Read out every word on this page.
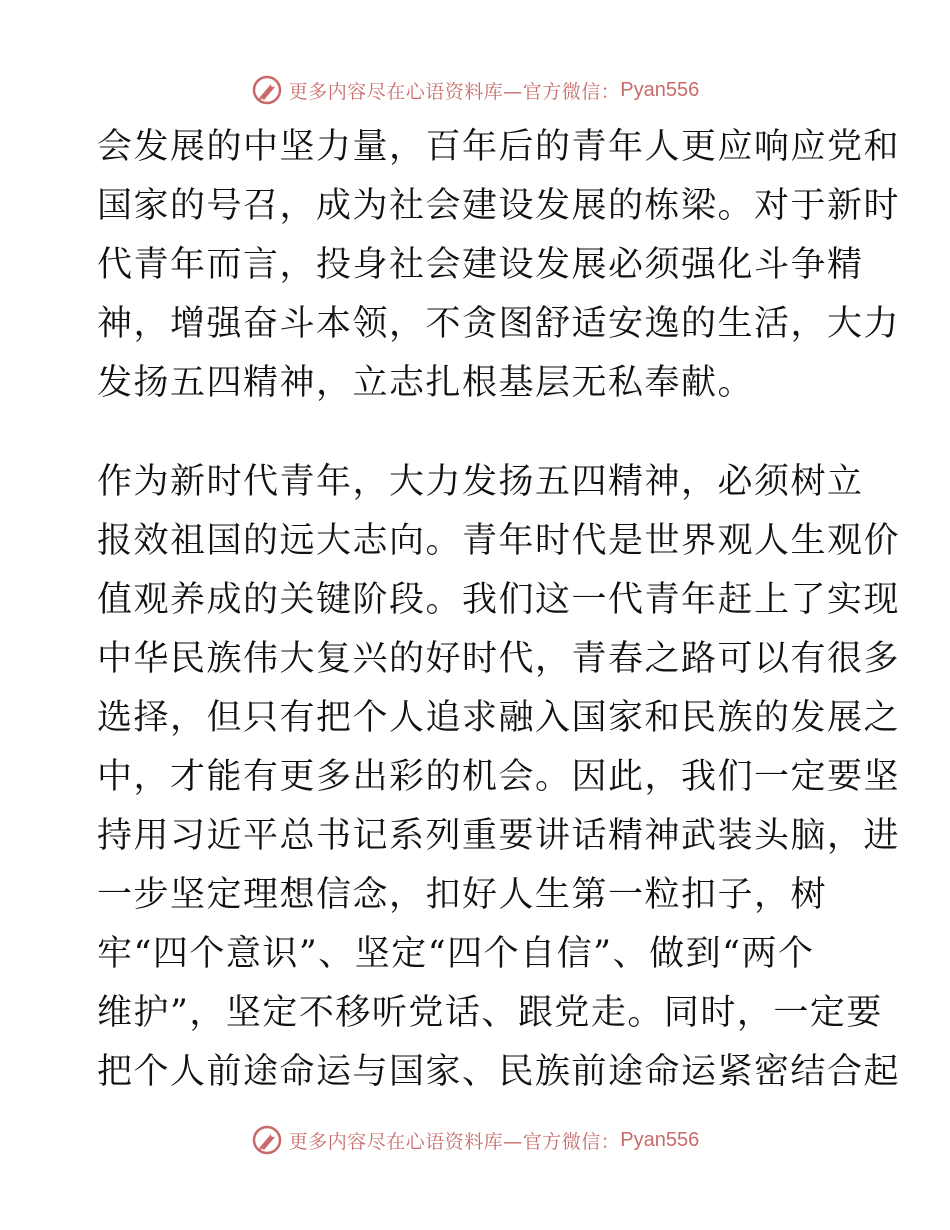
更多内容尽在心语资料库—官方微信： Pyan556
会发展的中坚力量，百年后的青年人更应响应党和
国家的号召，成为社会建设发展的栋梁。对于新时
代青年而言，投身社会建设发展必须强化斗争精
神，增强奋斗本领，不贪图舒适安逸的生活，大力
发扬五四精神，立志扎根基层无私奉献。
作为新时代青年，大力发扬五四精神，必须树立
报效祖国的远大志向。青年时代是世界观人生观价
值观养成的关键阶段。我们这一代青年赶上了实现
中华民族伟大复兴的好时代，青春之路可以有很多
选择，但只有把个人追求融入国家和民族的发展之
中，才能有更多出彩的机会。因此，我们一定要坚
持用习近平总书记系列重要讲话精神武装头脑，进
一步坚定理想信念，扣好人生第一粒扣子，树
牢“四个意识”、坚定“四个自信”、做到“两个
维护”，坚定不移听党话、跟党走。同时，一定要
把个人前途命运与国家、民族前途命运紧密结合起
更多内容尽在心语资料库—官方微信： Pyan556
